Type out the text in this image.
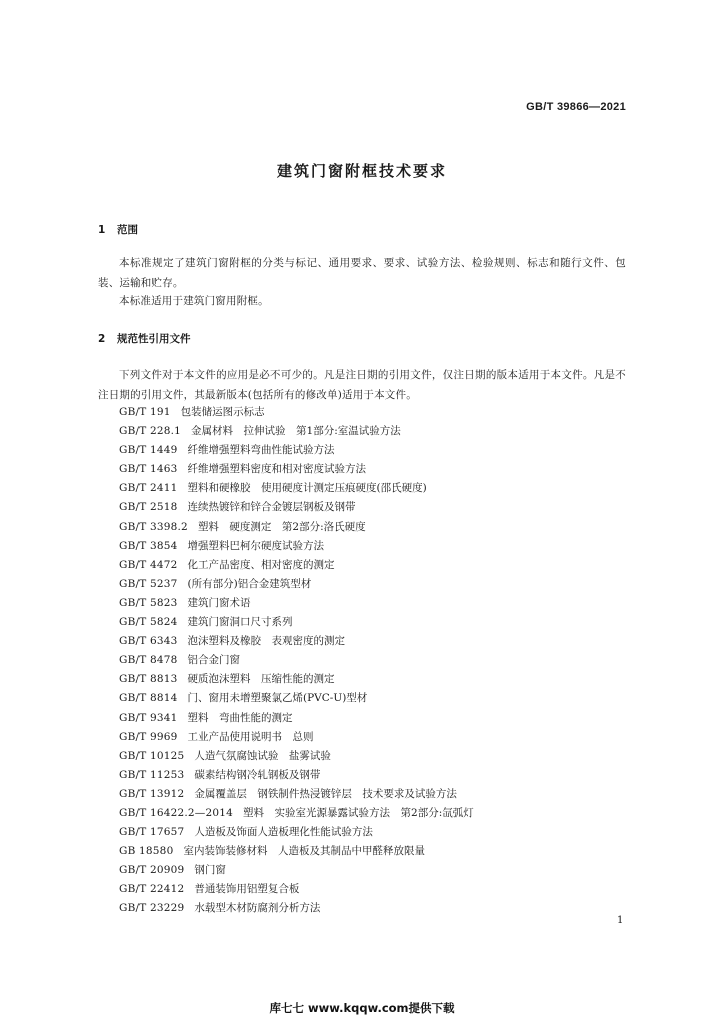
GB/T 39866—2021
建筑门窗附框技术要求
1 范围

本标准规定了建筑门窗附框的分类与标记、通用要求、要求、试验方法、检验规则、标志和随行文件、包装、运输和贮存。

本标准适用于建筑门窗用附框。

2 规范性引用文件

下列文件对于本文件的应用是必不可少的。凡是注日期的引用文件，仅注日期的版本适用于本文件。凡是不注日期的引用文件，其最新版本(包括所有的修改单)适用于本文件。

GB/T 191 包装储运图示标志
GB/T 228.1 金属材料　拉伸试验　第1部分:室温试验方法
GB/T 1449 纤维增强塑料弯曲性能试验方法
GB/T 1463 纤维增强塑料密度和相对密度试验方法
GB/T 2411 塑料和硬橡胶　使用硬度计测定压痕硬度(邵氏硬度)
GB/T 2518 连续热镀锌和锌合金镀层钢板及钢带
GB/T 3398.2 塑料　硬度测定　第2部分:洛氏硬度
GB/T 3854 增强塑料巴柯尔硬度试验方法
GB/T 4472 化工产品密度、相对密度的测定
GB/T 5237 (所有部分)铝合金建筑型材
GB/T 5823 建筑门窗术语
GB/T 5824 建筑门窗洞口尺寸系列
GB/T 6343 泡沫塑料及橡胶　表观密度的测定
GB/T 8478 铝合金门窗
GB/T 8813 硬质泡沫塑料　压缩性能的测定
GB/T 8814 门、窗用未增塑聚氯乙烯(PVC-U)型材
GB/T 9341 塑料　弯曲性能的测定
GB/T 9969 工业产品使用说明书　总则
GB/T 10125 人造气氛腐蚀试验　盐雾试验
GB/T 11253 碳素结构钢冷轧钢板及钢带
GB/T 13912 金属覆盖层　钢铁制件热浸镀锌层　技术要求及试验方法
GB/T 16422.2—2014 塑料　实验室光源暴露试验方法　第2部分:氙弧灯
GB/T 17657 人造板及饰面人造板理化性能试验方法
GB 18580 室内装饰装修材料　人造板及其制品中甲醛释放限量
GB/T 20909 钢门窗
GB/T 22412 普通装饰用铝塑复合板
GB/T 23229 水载型木材防腐剂分析方法
1
库七七 www.kqqw.com提供下载
